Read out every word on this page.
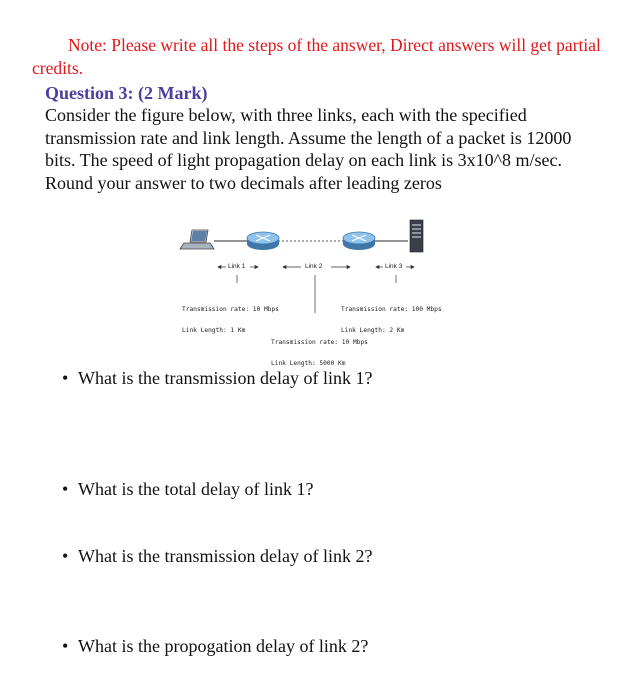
Note: Please write all the steps of the answer, Direct answers will get partial credits.
Question 3: (2 Mark)
Consider the figure below, with three links, each with the specified transmission rate and link length. Assume the length of a packet is 12000 bits. The speed of light propagation delay on each link is 3x10^8 m/sec. Round your answer to two decimals after leading zeros
Link 1	Link 2	Link 3

Transmission rate: 10 Mbps

Link Length: 1 Km

Transmission rate: 100 Mbps

Link Length: 2 Km

Transmission rate: 10 Mbps

Link Length: 5000 Km

• What is the transmission delay of link 1?
• What is the total delay of link 1?
• What is the transmission delay of link 2?
• What is the propogation delay of link 2?
